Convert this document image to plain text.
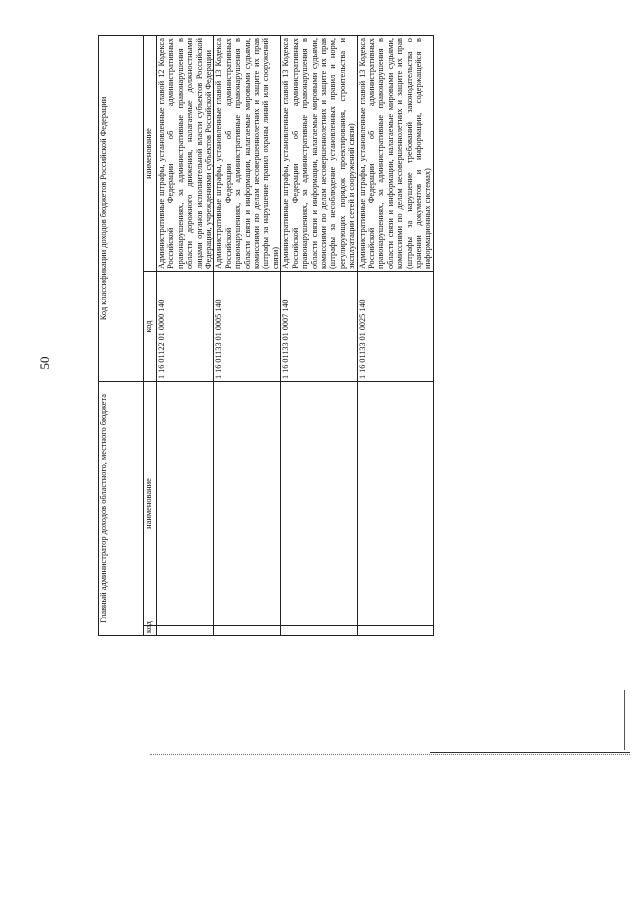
50
Главный администратор доходов областного, местного бюджета		Код классификации доходов бюджетов Российской Федерации	
код	наименование	код	наименование
		1 16 01122 01 0000 140	Административные штрафы, установленные главой 12 Кодекса Российской Федерации об административных правонарушениях, за административные правонарушения в области дорожного движения, налагаемые должностными лицами органов исполнительной власти субъектов Российской Федерации, учреждениями субъектов Российской Федерации
		1 16 01133 01 0005 140	Административные штрафы, установленные главой 13 Кодекса Российской Федерации об административных правонарушениях, за административные правонарушения в области связи и информации, налагаемые мировыми судьями, комиссиями по делам несовершеннолетних и защите их прав (штрафы за нарушение правил охраны линий или сооружений связи)
		1 16 01133 01 0007 140	Административные штрафы, установленные главой 13 Кодекса Российской Федерации об административных правонарушениях, за административные правонарушения в области связи и информации, налагаемые мировыми судьями, комиссиями по делам несовершеннолетних и защите их прав (штрафы за несоблюдение установленных правил и норм, регулирующих порядок проектирования, строительства и эксплуатации сетей и сооружений связи)
		1 16 01133 01 0025 140	Административные штрафы, установленные главой 13 Кодекса Российской Федерации об административных правонарушениях, за административные правонарушения в области связи и информации, налагаемые мировыми судьями, комиссиями по делам несовершеннолетних и защите их прав (штрафы за нарушение требований законодательства о хранении документов и информации, содержащейся в информационных системах)
